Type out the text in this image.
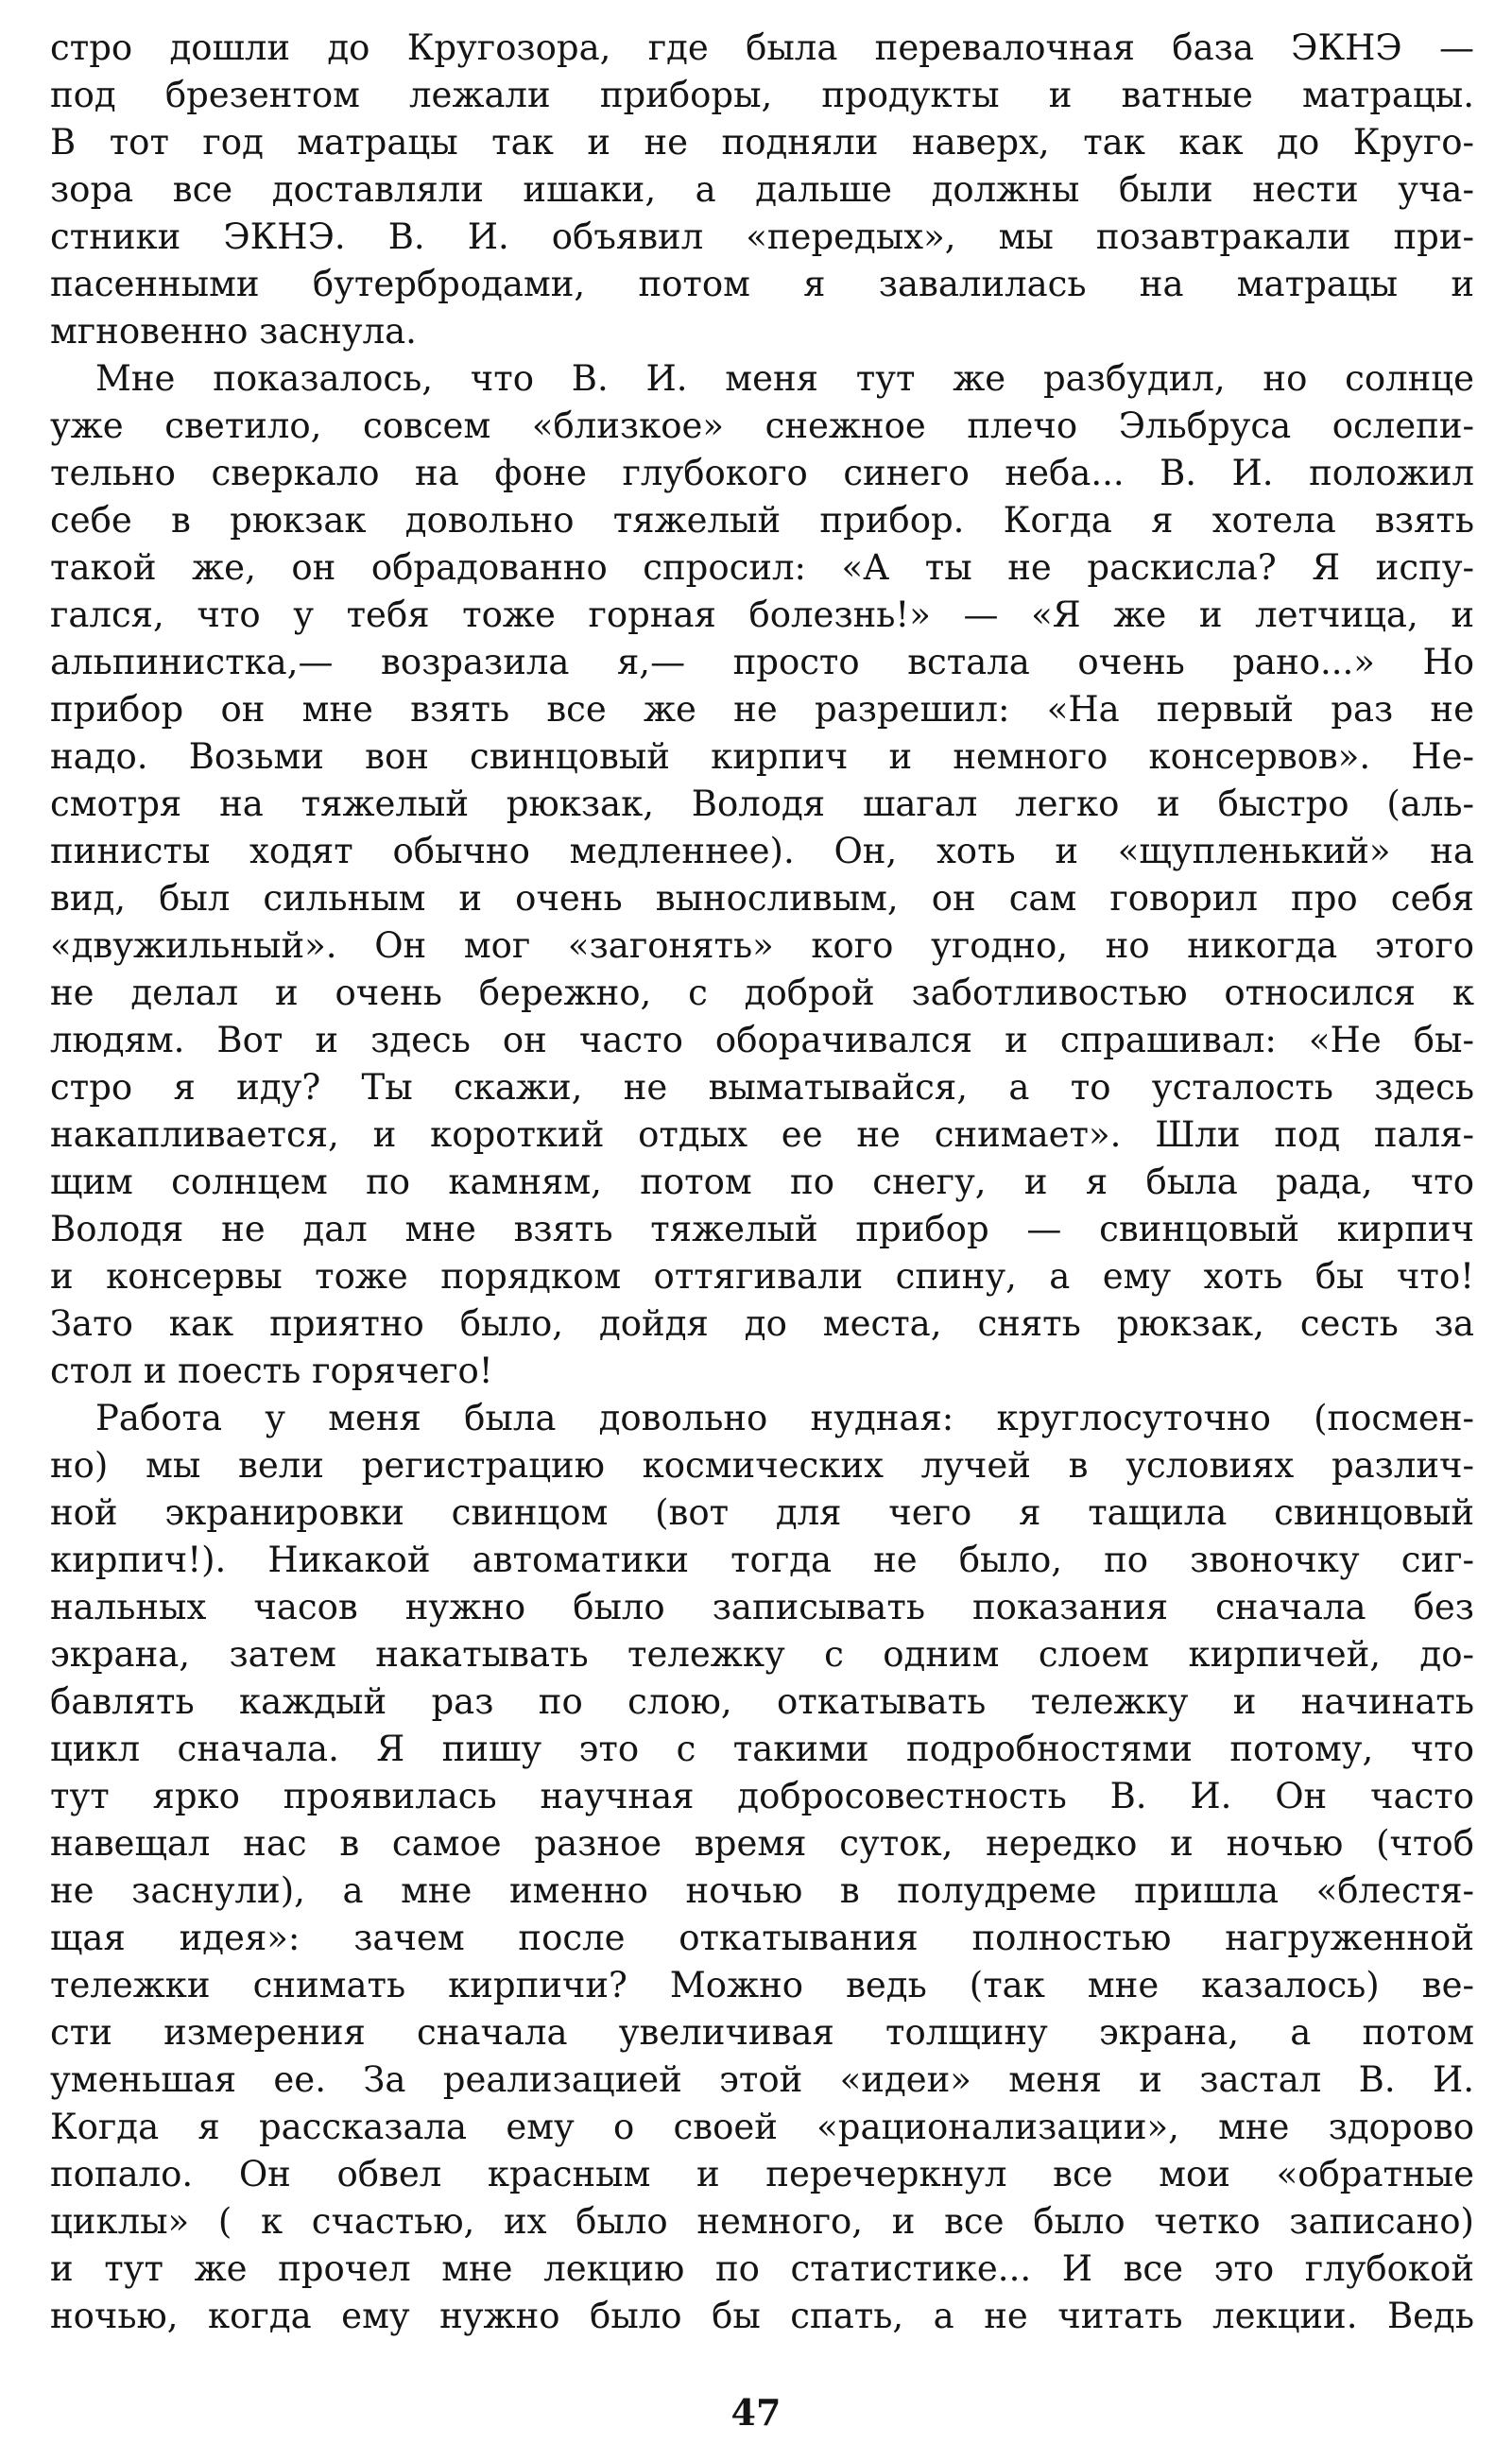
стро дошли до Кругозора, где была перевалочная база ЭКНЭ —
под брезентом лежали приборы, продукты и ватные матрацы.
В тот год матрацы так и не подняли наверх, так как до Круго-
зора все доставляли ишаки, а дальше должны были нести уча-
стники ЭКНЭ. В. И. объявил «передых», мы позавтракали при-
пасенными бутербродами, потом я завалилась на матрацы и
мгновенно заснула.
Мне показалось, что В. И. меня тут же разбудил, но солнце
уже светило, совсем «близкое» снежное плечо Эльбруса ослепи-
тельно сверкало на фоне глубокого синего неба... В. И. положил
себе в рюкзак довольно тяжелый прибор. Когда я хотела взять
такой же, он обрадованно спросил: «А ты не раскисла? Я испу-
гался, что у тебя тоже горная болезнь!» — «Я же и летчица, и
альпинистка,— возразила я,— просто встала очень рано...» Но
прибор он мне взять все же не разрешил: «На первый раз не
надо. Возьми вон свинцовый кирпич и немного консервов». Не-
смотря на тяжелый рюкзак, Володя шагал легко и быстро (аль-
пинисты ходят обычно медленнее). Он, хоть и «щупленький» на
вид, был сильным и очень выносливым, он сам говорил про себя
«двужильный». Он мог «загонять» кого угодно, но никогда этого
не делал и очень бережно, с доброй заботливостью относился к
людям. Вот и здесь он часто оборачивался и спрашивал: «Не бы-
стро я иду? Ты скажи, не выматывайся, а то усталость здесь
накапливается, и короткий отдых ее не снимает». Шли под паля-
щим солнцем по камням, потом по снегу, и я была рада, что
Володя не дал мне взять тяжелый прибор — свинцовый кирпич
и консервы тоже порядком оттягивали спину, а ему хоть бы что!
Зато как приятно было, дойдя до места, снять рюкзак, сесть за
стол и поесть горячего!
Работа у меня была довольно нудная: круглосуточно (посмен-
но) мы вели регистрацию космических лучей в условиях различ-
ной экранировки свинцом (вот для чего я тащила свинцовый
кирпич!). Никакой автоматики тогда не было, по звоночку сиг-
нальных часов нужно было записывать показания сначала без
экрана, затем накатывать тележку с одним слоем кирпичей, до-
бавлять каждый раз по слою, откатывать тележку и начинать
цикл сначала. Я пишу это с такими подробностями потому, что
тут ярко проявилась научная добросовестность В. И. Он часто
навещал нас в самое разное время суток, нередко и ночью (чтоб
не заснули), а мне именно ночью в полудреме пришла «блестя-
щая идея»: зачем после откатывания полностью нагруженной
тележки снимать кирпичи? Можно ведь (так мне казалось) ве-
сти измерения сначала увеличивая толщину экрана, а потом
уменьшая ее. За реализацией этой «идеи» меня и застал В. И.
Когда я рассказала ему о своей «рационализации», мне здорово
попало. Он обвел красным и перечеркнул все мои «обратные
циклы» ( к счастью, их было немного, и все было четко записано)
и тут же прочел мне лекцию по статистике... И все это глубокой
ночью, когда ему нужно было бы спать, а не читать лекции. Ведь
47
